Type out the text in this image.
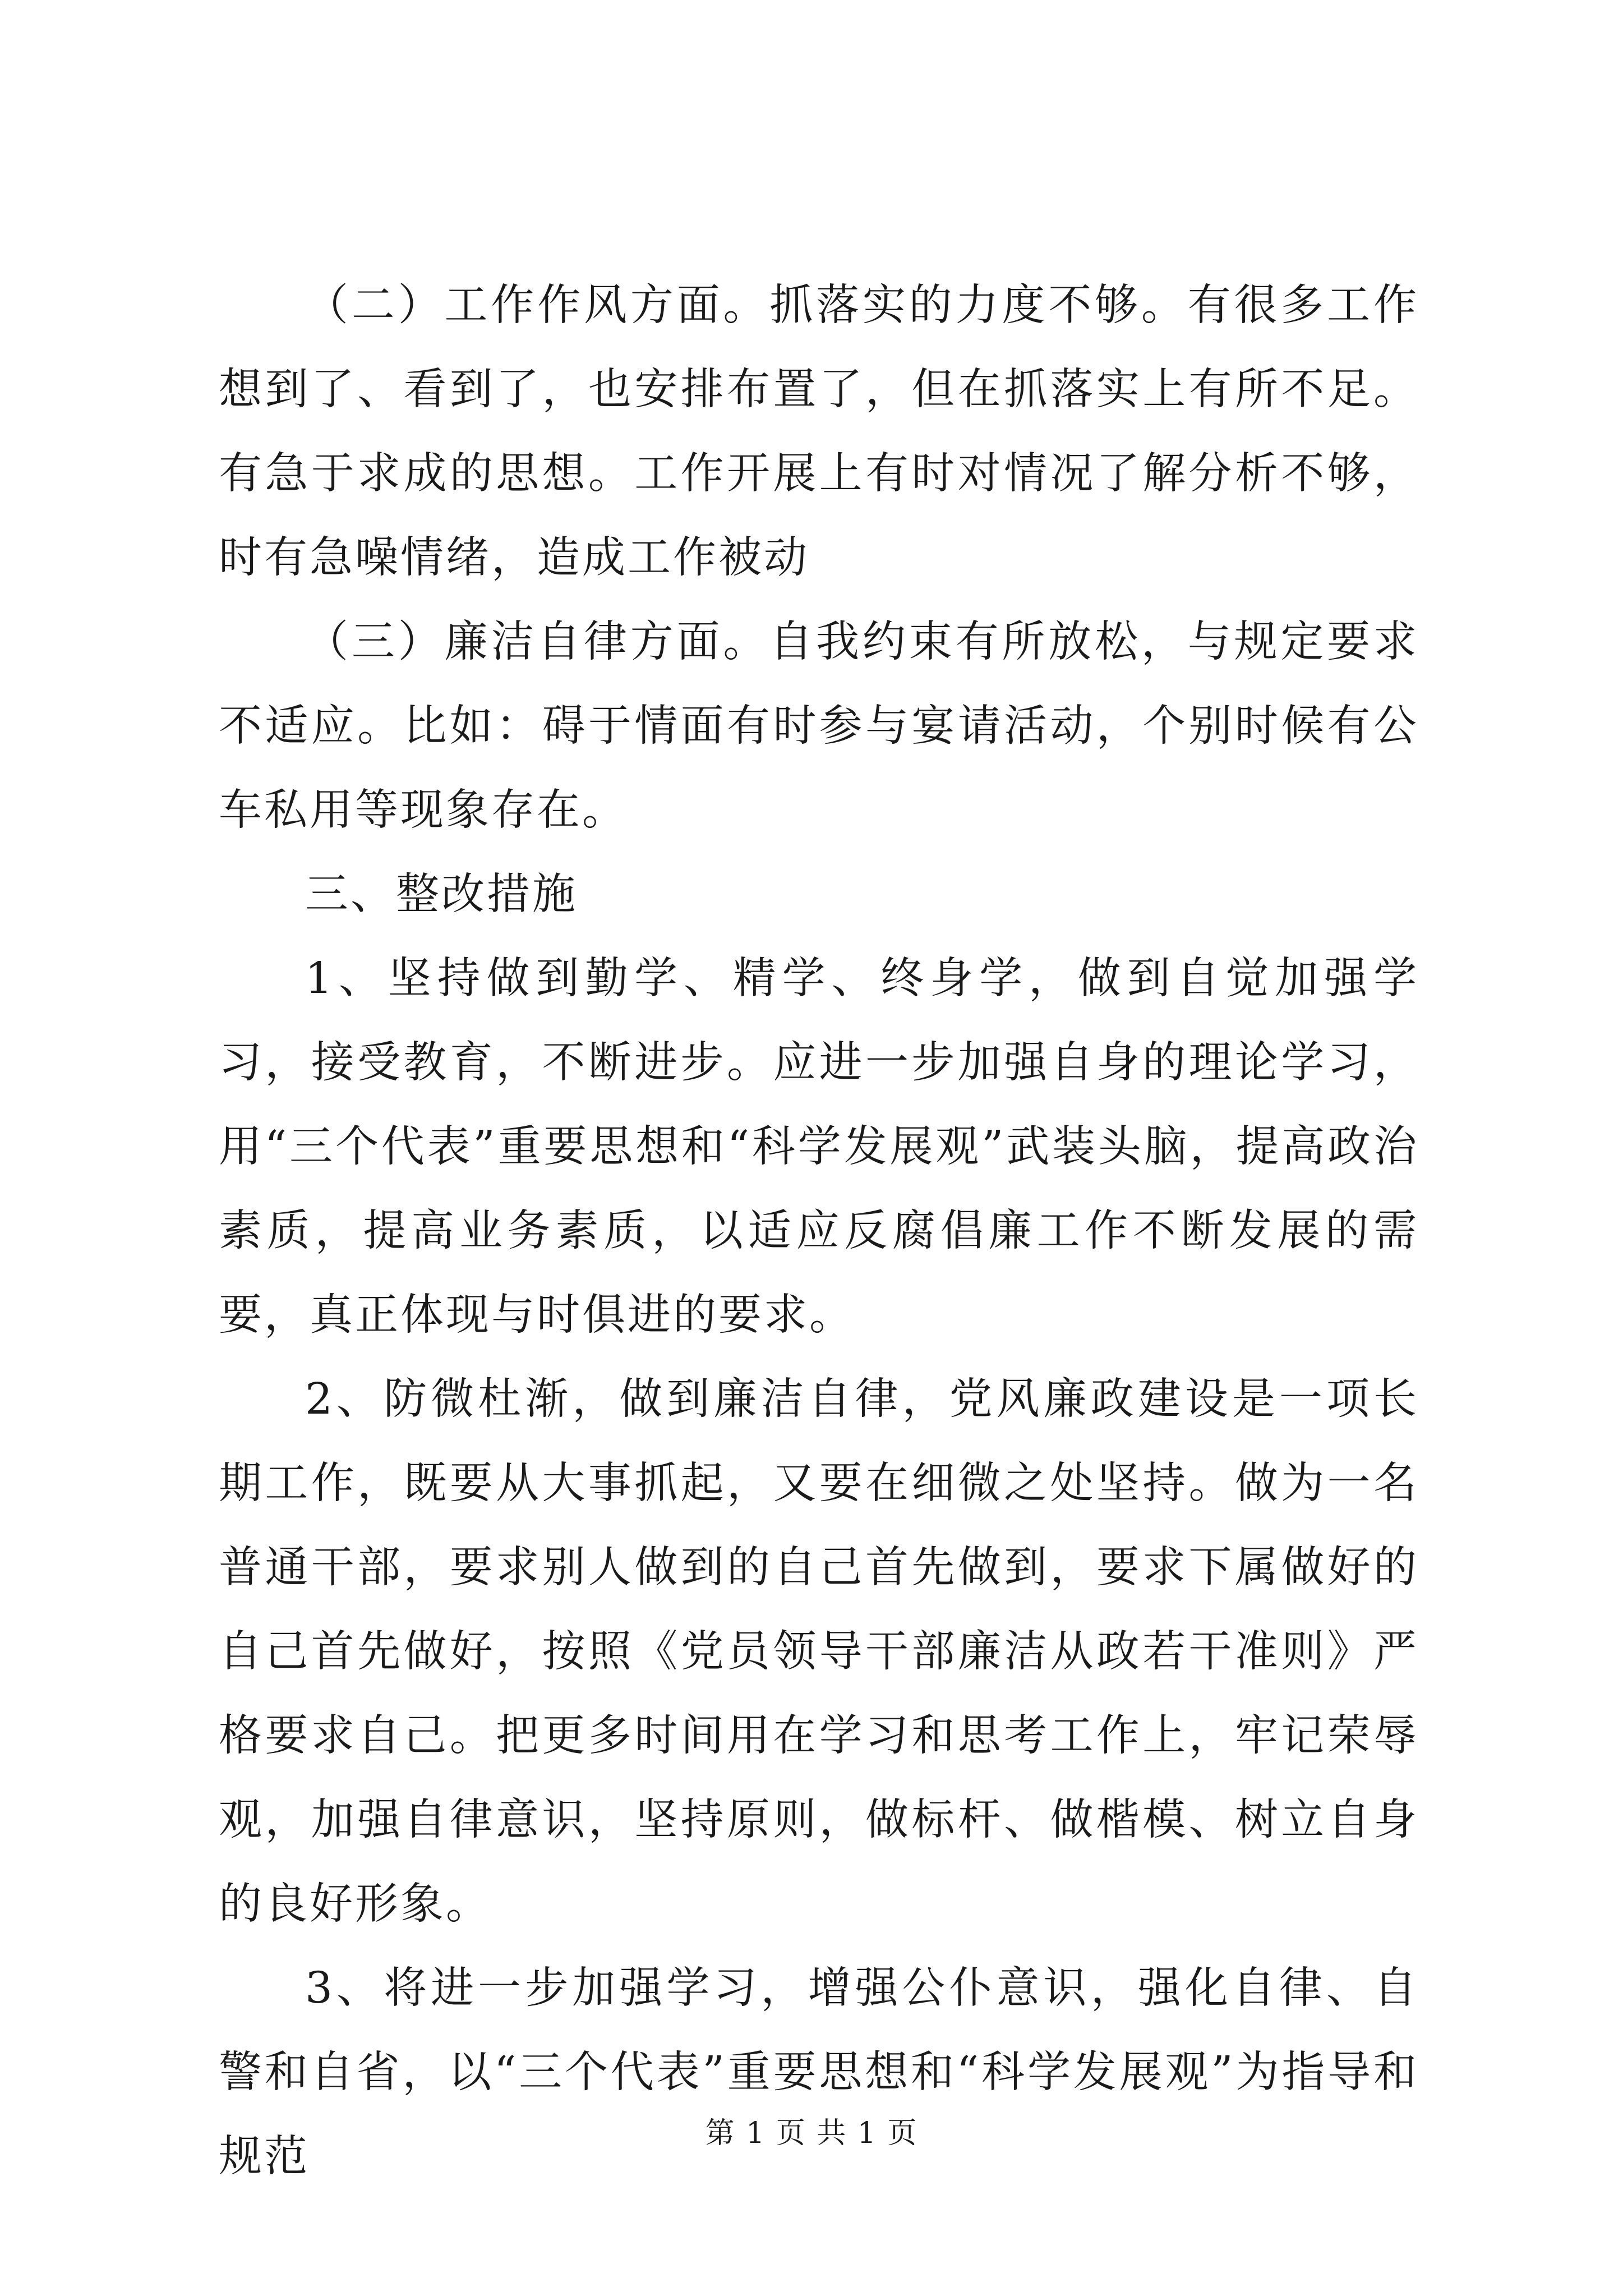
（二）工作作风方面。抓落实的力度不够。有很多工作想到了、看到了，也安排布置了，但在抓落实上有所不足。有急于求成的思想。工作开展上有时对情况了解分析不够，时有急噪情绪，造成工作被动

（三）廉洁自律方面。自我约束有所放松，与规定要求不适应。比如：碍于情面有时参与宴请活动，个别时候有公车私用等现象存在。

三、整改措施

1、坚持做到勤学、精学、终身学，做到自觉加强学习，接受教育，不断进步。应进一步加强自身的理论学习，用“三个代表”重要思想和“科学发展观”武装头脑，提高政治素质，提高业务素质，以适应反腐倡廉工作不断发展的需要，真正体现与时俱进的要求。

2、防微杜渐，做到廉洁自律，党风廉政建设是一项长期工作，既要从大事抓起，又要在细微之处坚持。做为一名普通干部，要求别人做到的自己首先做到，要求下属做好的自己首先做好，按照《党员领导干部廉洁从政若干准则》严格要求自己。把更多时间用在学习和思考工作上，牢记荣辱观，加强自律意识，坚持原则，做标杆、做楷模、树立自身的良好形象。

3、将进一步加强学习，增强公仆意识，强化自律、自警和自省，以“三个代表”重要思想和“科学发展观”为指导和规范	第 1 页 共 1 页
